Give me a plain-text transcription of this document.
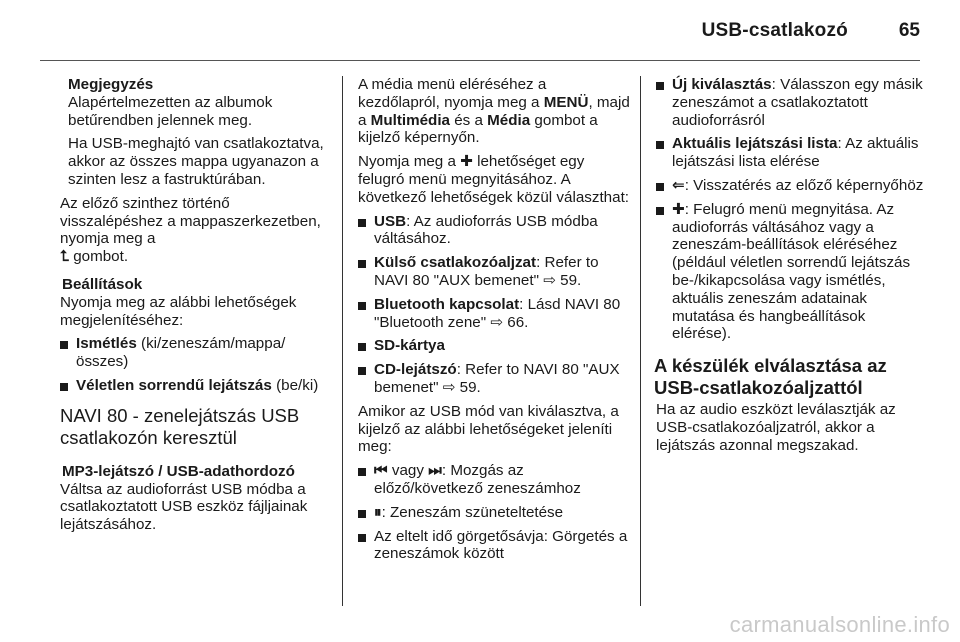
USB-csatlakozó	65

Megjegyzés

Alapértelmezetten az albumok betűrendben jelennek meg.

Ha USB-meghajtó van csatlakoztatva, akkor az összes mappa ugyanazon a szinten lesz a fastruktúrában.

Az előző szinthez történő visszalépéshez a mappaszerkezetben, nyomja meg a
⮤ gombot.

Beállítások

Nyomja meg az alábbi lehetőségek megjelenítéséhez:

Ismétlés (ki/zeneszám/mappa/összes)
Véletlen sorrendű lejátszás (be/ki)
NAVI 80 - zenelejátszás USB csatlakozón keresztül

MP3-lejátszó / USB-adathordozó

Váltsa az audioforrást USB módba a csatlakoztatott USB eszköz fájljainak lejátszásához.

A média menü eléréséhez a kezdőlapról, nyomja meg a MENÜ, majd a Multimédia és a Média gombot a kijelző képernyőn.

Nyomja meg a ✚ lehetőséget egy felugró menü megnyitásához. A következő lehetőségek közül választhat:

USB: Az audioforrás USB módba váltásához.
Külső csatlakozóaljzat: Refer to NAVI 80 "AUX bemenet" ⇨ 59.
Bluetooth kapcsolat: Lásd NAVI 80 "Bluetooth zene" ⇨ 66.
SD-kártya
CD-lejátszó: Refer to NAVI 80 "AUX bemenet" ⇨ 59.

Amikor az USB mód van kiválasztva, a kijelző az alábbi lehetőségeket jeleníti meg:

⏮ vagy ⏭: Mozgás az előző/következő zeneszámhoz
⏸: Zeneszám szüneteltetése
Az eltelt idő görgetősávja: Görgetés a zeneszámok között
Új kiválasztás: Válasszon egy másik zeneszámot a csatlakoztatott audioforrásról
Aktuális lejátszási lista: Az aktuális lejátszási lista elérése
⇐: Visszatérés az előző képernyőhöz
✚: Felugró menü megnyitása. Az audioforrás váltásához vagy a zeneszám-beállítások eléréséhez (például véletlen sorrendű lejátszás be-/kikapcsolása vagy ismétlés, aktuális zeneszám adatainak mutatása és hangbeállítások elérése).
A készülék elválasztása az USB-csatlakozóaljzattól

Ha az audio eszközt leválasztják az USB-csatlakozóaljzatról, akkor a lejátszás azonnal megszakad.

carmanualsonline.info
